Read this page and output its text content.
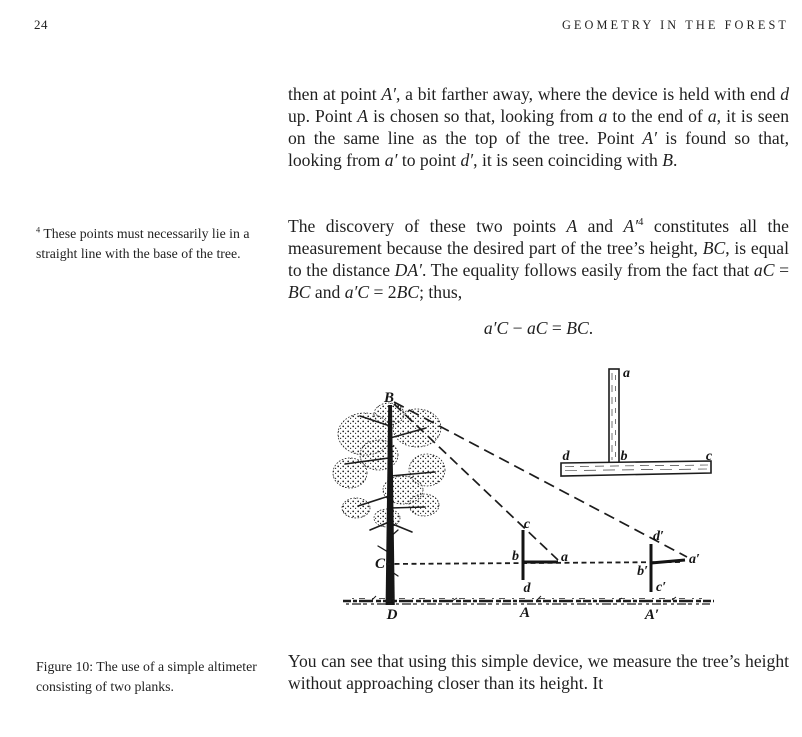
24	GEOMETRY IN THE FOREST

$^4$ These points must necessarily lie in a straight line with the base of the tree.

Figure 10: The use of a simple altimeter consisting of two planks.

then at point A′, a bit farther away, where the device is held with end d up. Point A is chosen so that, looking from a to the end of a, it is seen on the same line as the top of the tree. Point A′ is found so that, looking from a′ to point d′, it is seen coinciding with B.

The discovery of these two points A and $A'^4$ constitutes all the measurement because the desired part of the tree’s height, BC, is equal to the distance DA′. The equality follows easily from the fact that aC = BC and a′C = 2BC; thus,

a′C − aC = BC.

You can see that using this simple device, we measure the tree’s height without approaching closer than its height. It

c
b	a
d
d′
b′
c′
a′
a
d	b	c
B
C
D	A	A′
